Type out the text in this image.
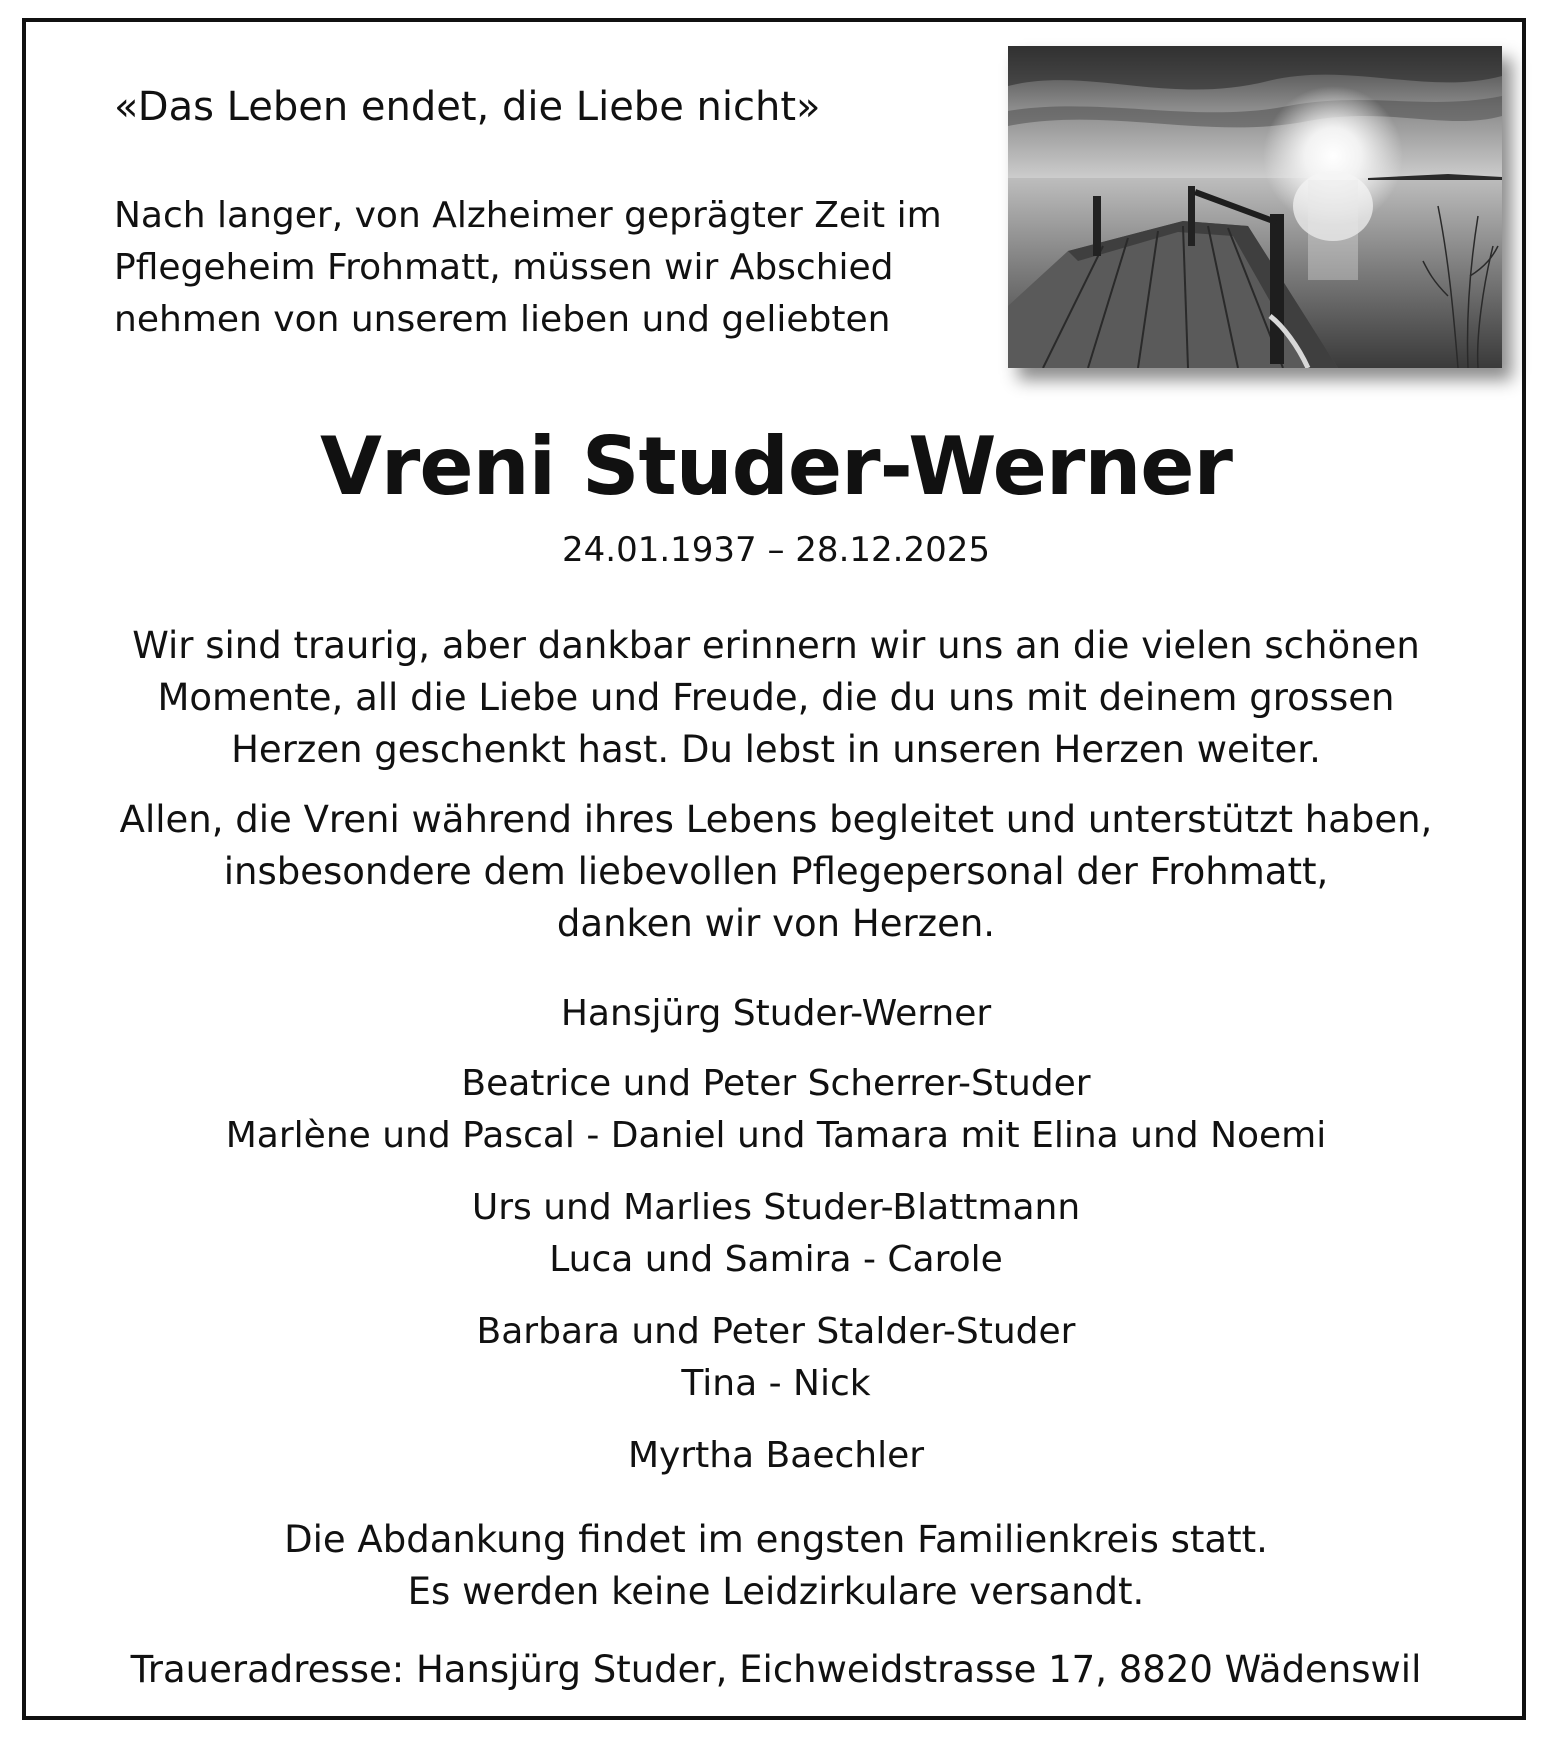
«Das Leben endet, die Liebe nicht»
Nach langer, von Alzheimer geprägter Zeit im
Pflegeheim Frohmatt, müssen wir Abschied
nehmen von unserem lieben und geliebten
Vreni Studer-Werner
24.01.1937 – 28.12.2025
Wir sind traurig, aber dankbar erinnern wir uns an die vielen schönen
Momente, all die Liebe und Freude, die du uns mit deinem grossen
Herzen geschenkt hast. Du lebst in unseren Herzen weiter.
Allen, die Vreni während ihres Lebens begleitet und unterstützt haben,
insbesondere dem liebevollen Pflegepersonal der Frohmatt,
danken wir von Herzen.
Hansjürg Studer-Werner
Beatrice und Peter Scherrer-Studer
Marlène und Pascal - Daniel und Tamara mit Elina und Noemi
Urs und Marlies Studer-Blattmann
Luca und Samira - Carole
Barbara und Peter Stalder-Studer
Tina - Nick
Myrtha Baechler
Die Abdankung findet im engsten Familienkreis statt.
Es werden keine Leidzirkulare versandt.
Traueradresse: Hansjürg Studer, Eichweidstrasse 17, 8820 Wädenswil
